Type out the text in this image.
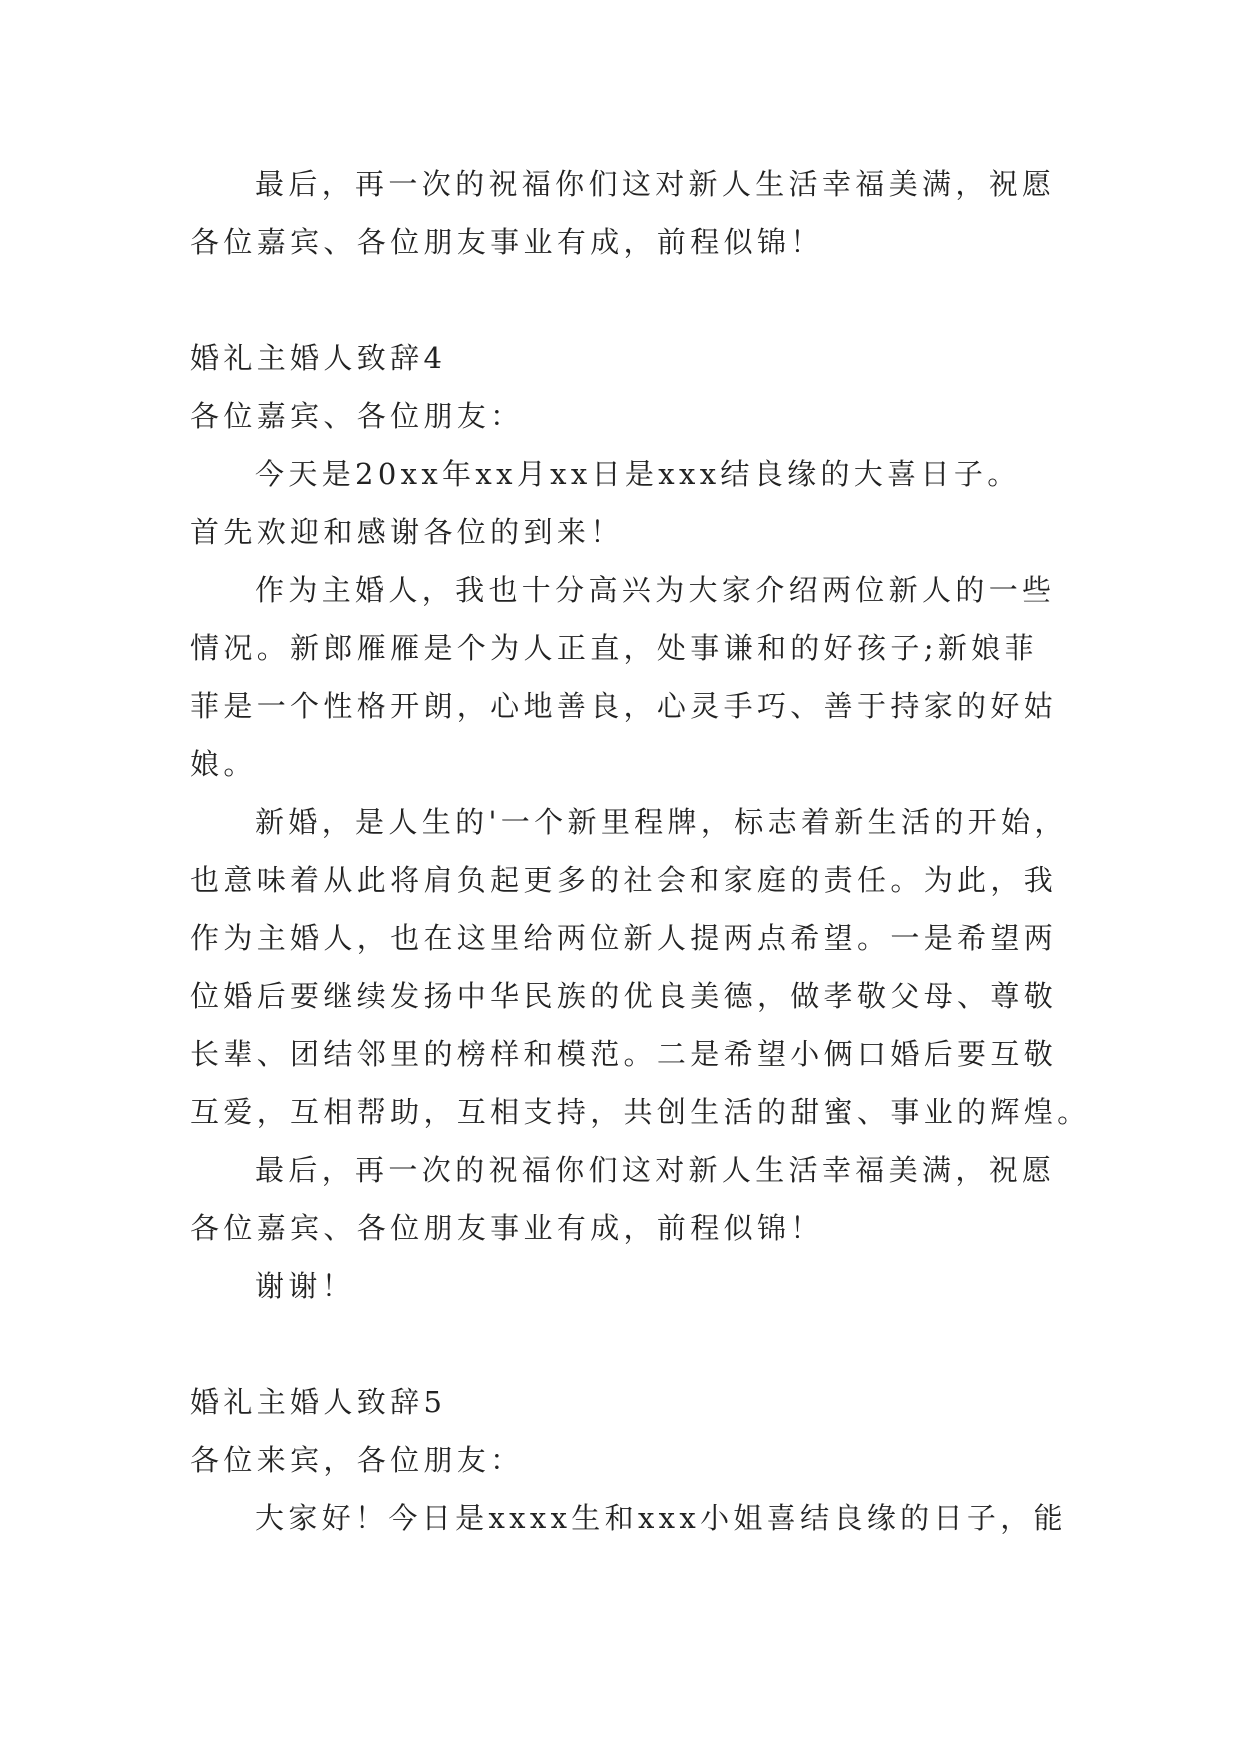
最后，再一次的祝福你们这对新人生活幸福美满，祝愿
各位嘉宾、各位朋友事业有成，前程似锦！
婚礼主婚人致辞4
各位嘉宾、各位朋友：
今天是20xx年xx月xx日是xxx结良缘的大喜日子。
首先欢迎和感谢各位的到来！
作为主婚人，我也十分高兴为大家介绍两位新人的一些
情况。新郎雁雁是个为人正直，处事谦和的好孩子;新娘菲
菲是一个性格开朗，心地善良，心灵手巧、善于持家的好姑
娘。
新婚，是人生的'一个新里程牌，标志着新生活的开始，
也意味着从此将肩负起更多的社会和家庭的责任。为此，我
作为主婚人，也在这里给两位新人提两点希望。一是希望两
位婚后要继续发扬中华民族的优良美德，做孝敬父母、尊敬
长辈、团结邻里的榜样和模范。二是希望小俩口婚后要互敬
互爱，互相帮助，互相支持，共创生活的甜蜜、事业的辉煌。
最后，再一次的祝福你们这对新人生活幸福美满，祝愿
各位嘉宾、各位朋友事业有成，前程似锦！
谢谢！
婚礼主婚人致辞5
各位来宾，各位朋友：
大家好！今日是xxxx生和xxx小姐喜结良缘的日子，能
